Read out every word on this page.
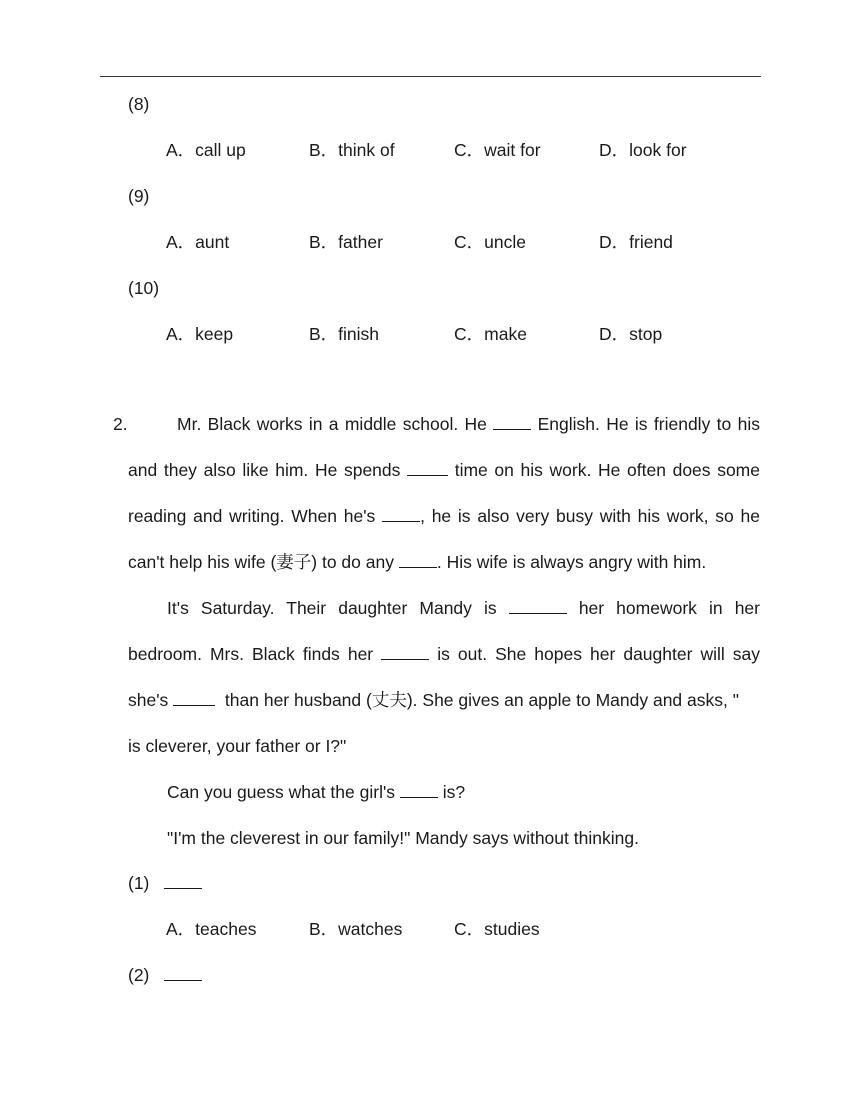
(8)
A．call up	B．think of	C．wait for	D．look for
(9)
A．aunt	B．father	C．uncle	D．friend
(10)
A．keep	B．finish	C．make	D．stop
2.	Mr. Black works in a middle school. He	English. He is friendly to his
and they also like him. He spends	time on his work. He often does some
reading and writing. When he's	, he is also very busy with his work, so he
can't help his wife (妻子) to do any . His wife is always angry with him.
It's Saturday. Their daughter Mandy is	her homework in her
bedroom. Mrs. Black finds her	is out. She hopes her daughter will say
she's	than her husband (丈夫). She gives an apple to Mandy and asks, "
is cleverer, your father or I?"
Can you guess what the girl's	is?
"I'm the cleverest in our family!" Mandy says without thinking.
(1)
A．teaches	B．watches	C．studies
(2)
